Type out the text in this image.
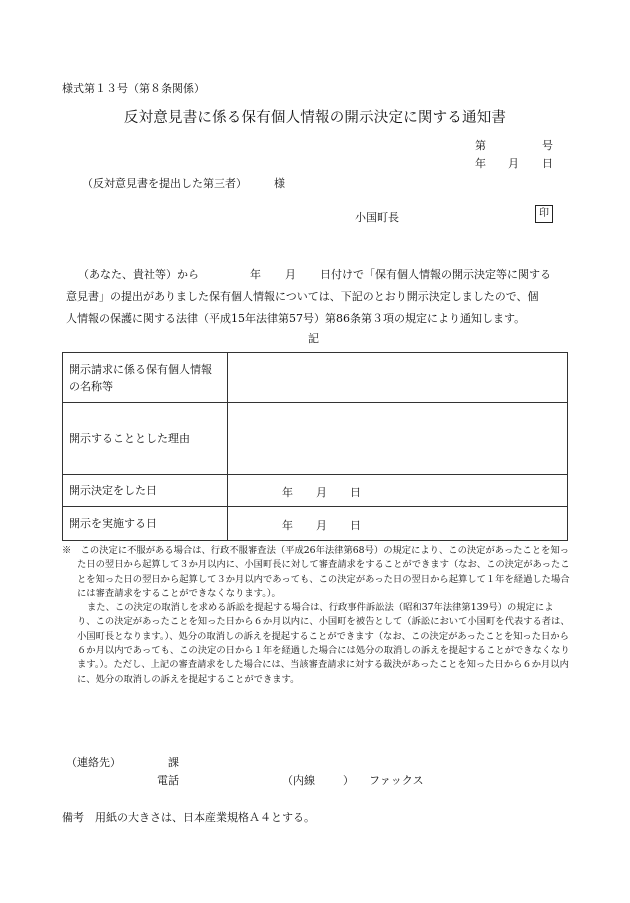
様式第１３号（第８条関係）
反対意見書に係る保有個人情報の開示決定に関する通知書
第	号
年 月 日
（反対意見書を提出した第三者） 様
小国町長	印

（あなた、貴社等）から	年 月 日付けで「保有個人情報の開示決定等に関する

意見書」の提出がありました保有個人情報については、下記のとおり開示決定しましたので、個

人情報の保護に関する法律（平成15年法律第57号）第86条第３項の規定により通知します。

記
開示請求に係る保有個人情報
の名称等	

開示することとした理由	
開示決定をした日	年 月 日

開示を実施する日	年 月 日

※　 この決定に不服がある場合は、行政不服審査法（平成26年法律第68号）の規定により、この決定があったことを知った日の翌日から起算して３か月以内に、小国町長に対して審査請求をすることができます（なお、この決定があったことを知った日の翌日から起算して３か月以内であっても、この決定があった日の翌日から起算して１年を経過した場合には審査請求をすることができなくなります。）。

また、この決定の取消しを求める訴訟を提起する場合は、行政事件訴訟法（昭和37年法律第139号）の規定により、この決定があったことを知った日から６か月以内に、小国町を被告として（訴訟において小国町を代表する者は、小国町長となります。）、処分の取消しの訴えを提起することができます（なお、この決定があったことを知った日から６か月以内であっても、この決定の日から１年を経過した場合には処分の取消しの訴えを提起することができなくなります。）。ただし、上記の審査請求をした場合には、当該審査請求に対する裁決があったことを知った日から６か月以内に、処分の取消しの訴えを提起することができます。

（連絡先）	課
電話	（内線	） ファックス
備考　用紙の大きさは、日本産業規格Ａ４とする。
